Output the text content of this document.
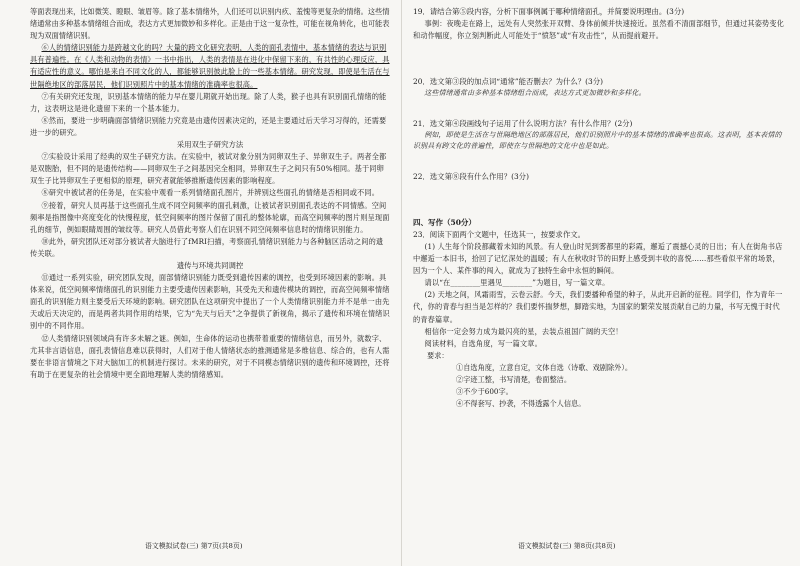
等面表现出来，比如微笑、瞪眼、皱眉等。除了基本情绪外，人们还可以识别内疚、羞愧等更复杂的情绪。这些情绪通常由多种基本情绪组合而成，表达方式更加微妙和多样化。正是由于这一复杂性，可能在视角转化，也可能表现为双面情绪识别。

⑥人的情绪识别能力是跨越文化的吗？大量的跨文化研究表明，人类的面孔表情中，基本情绪的表达与识别具有普遍性。在《人类和动物的表情》一书中指出，人类的表情是在进化中保留下来的，有共性的心理反应，具有适应性的意义。哪怕是来自不同文化的人，都能够识别彼此脸上的一些基本情绪。研究发现，即使是生活在与世隔绝地区的部落居民，他们识别照片中的基本情绪的准确率也很高。

⑦有关研究还发现，识别基本情绪的能力早在婴儿期就开始出现。除了人类，猴子也具有识别面孔情绪的能力，这表明这是进化遗留下来的一个基本能力。

⑧然而，要进一步明确面部情绪识别能力究竟是由遗传因素决定的，还是主要通过后天学习习得的，还需要进一步的研究。

采用双生子研究方法

⑦实验设计采用了经典的双生子研究方法。在实验中，被试对象分别为同卵双生子、异卵双生子。两者全都是双胞胎，但不同的是遗传结构——同卵双生子之间基因完全相同，异卵双生子之间只有50%相同。基于同卵双生子比异卵双生子更相似的原理，研究者就能够推断遗传因素的影响程度。

⑧研究中被试者的任务是，在实验中观看一系列情绪面孔图片，并辨别这些面孔的情绪是否相同或不同。

⑨接着，研究人员再基于这些面孔生成不同空间频率的面孔刺激，让被试者识别面孔表达的不同情感。空间频率是指图像中亮度变化的快慢程度，低空间频率的图片保留了面孔的整体轮廓，而高空间频率的图片则呈现面孔的细节，例如眼睛周围的皱纹等。研究人员借此考察人们在识别不同空间频率信息时的情绪识别能力。

⑩此外，研究团队还对部分被试者大脑进行了fMRI扫描，考察面孔情绪识别能力与各种脑区活动之间的遗传关联。

遗传与环境共同调控

⑪通过一系列实验，研究团队发现，面部情绪识别能力既受到遗传因素的调控，也受到环境因素的影响。具体来说，低空间频率情绪面孔的识别能力主要受遗传因素影响，其受先天和遗传模块的调控，而高空间频率情绪面孔的识别能力则主要受后天环境的影响。研究团队在这项研究中提出了一个人类情绪识别能力并不是单一由先天或后天决定的，而是两者共同作用的结果，它为“先天与后天”之争提供了新视角，揭示了遗传和环境在情绪识别中的不同作用。

⑫人类情绪识别领域尚有许多未解之谜。例如，生命体的运动也携带着重要的情绪信息，而另外，就数字、尤其非言语信息，面孔表情信息难以获得时，人们对于他人情绪状态的推测通常是多维信息、综合的，也有人需要在非语言情境之下对大脑加工的机制进行探讨。未来的研究，对于不同模态情绪识别的遗传和环境调控，还将有助于在更复杂的社会情境中更全面地理解人类的情绪感知。

语文模拟试卷(三) 第7页(共8页)

19．请结合第⑤段内容，分析下面事例属于哪种情绪面孔，并简要说明理由。(3分)

事例：夜晚走在路上，远处有人突然张开双臂、身体前倾并快速接近。虽然看不清面部细节，但通过其姿势变化和动作幅度，你立刻判断此人可能处于“愤怒”或“有攻击性”，从而提前避开。

20．选文第③段的加点词“通常”能否删去？为什么？(3分)

这些情绪通常由多种基本情绪组合而成，表达方式更加微妙和多样化。

21．选文第④段画线句子运用了什么说明方法？有什么作用？(2分)

例如，即使是生活在与世隔绝地区的部落居民，他们识别照片中的基本情绪的准确率也很高。这表明，基本表情的识别具有跨文化的普遍性，即使在与世隔绝的文化中也是如此。

22．选文第⑧段有什么作用？(3分)

四、写作（50分）

23．阅读下面两个文题中，任选其一，按要求作文。

(1) 人生每个阶段都藏着未知的风景。有人登山时见到雾都里的彩霞，邂逅了震撼心灵的日出；有人在街角书店中邂逅一本旧书，拾回了记忆深处的温暖；有人在秋收时节的田野上感受到丰收的喜悦……那些看似平常的场景，因为一个人、某件事的闯入，就成为了独特生命中永恒的瞬间。

请以“在________里遇见________”为题目，写一篇文章。

(2) 天地之间，风霜雨雪，云卷云舒。今天，我们要播种希望的种子，从此开启新的征程。同学们，作为青年一代，你的青春与担当是怎样的？我们要怀揣梦想，脚踏实地，为国家的繁荣发展贡献自己的力量，书写无愧于时代的青春篇章。

相信你一定会努力成为最闪亮的星，去装点祖国广阔的天空！

阅读材料，自选角度，写一篇文章。

要求：

①自选角度，立意自定，文体自选（诗歌、戏剧除外）。

②字迹工整，书写清楚，卷面整洁。

③不少于600字。

④不得套写、抄袭，不得透露个人信息。

语文模拟试卷(三) 第8页(共8页)
